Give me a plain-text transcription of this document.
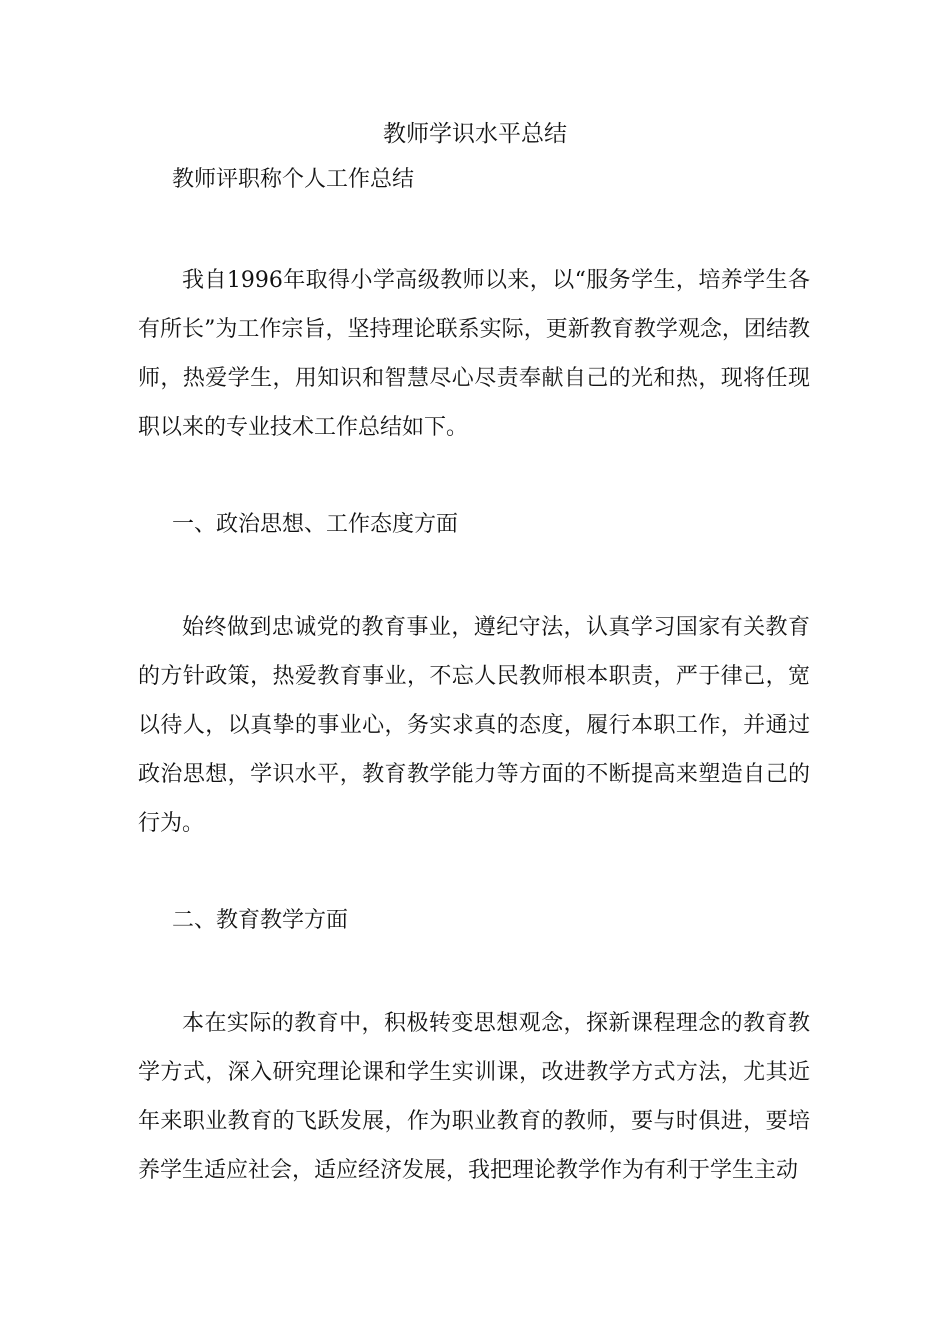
教师学识水平总结
教师评职称个人工作总结

我自1996年取得小学高级教师以来，以“服务学生，培养学生各有所长”为工作宗旨，坚持理论联系实际，更新教育教学观念，团结教师，热爱学生，用知识和智慧尽心尽责奉献自己的光和热，现将任现职以来的专业技术工作总结如下。

一、政治思想、工作态度方面

始终做到忠诚党的教育事业，遵纪守法，认真学习国家有关教育的方针政策，热爱教育事业，不忘人民教师根本职责，严于律己，宽以待人，以真挚的事业心，务实求真的态度，履行本职工作，并通过政治思想，学识水平，教育教学能力等方面的不断提高来塑造自己的行为。

二、教育教学方面

本在实际的教育中，积极转变思想观念，探新课程理念的教育教学方式，深入研究理论课和学生实训课，改进教学方式方法，尤其近年来职业教育的飞跃发展，作为职业教育的教师，要与时俱进，要培养学生适应社会，适应经济发展，我把理论教学作为有利于学生主动
